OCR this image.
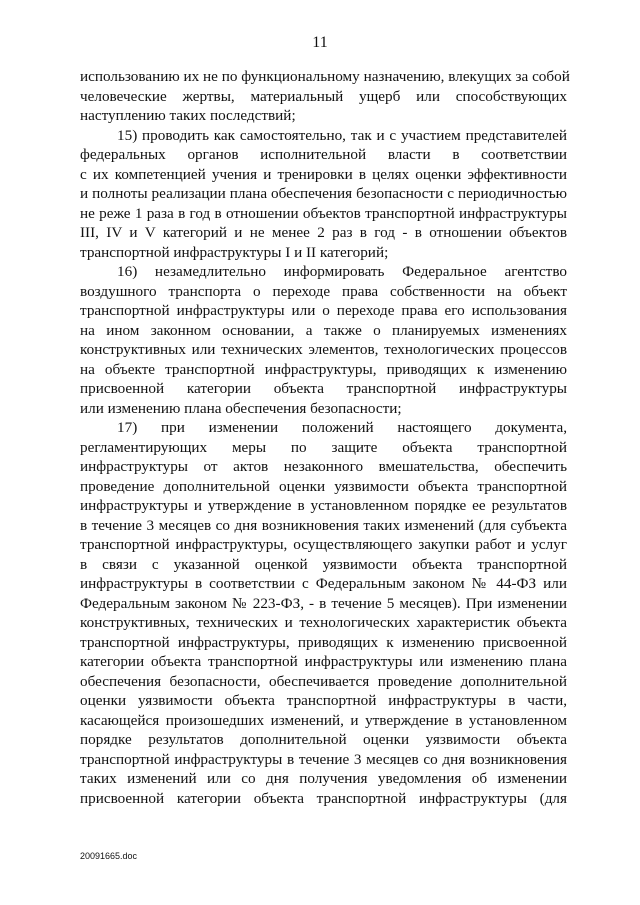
11
использованию их не по функциональному назначению, влекущих за собой
человеческие жертвы, материальный ущерб или способствующих
наступлению таких последствий;
15) проводить как самостоятельно, так и с участием представителей
федеральных органов исполнительной власти в соответствии
с их компетенцией учения и тренировки в целях оценки эффективности
и полноты реализации плана обеспечения безопасности с периодичностью
не реже 1 раза в год в отношении объектов транспортной инфраструктуры
III, IV и V категорий и не менее 2 раз в год - в отношении объектов
транспортной инфраструктуры I и II категорий;
16) незамедлительно информировать Федеральное агентство
воздушного транспорта о переходе права собственности на объект
транспортной инфраструктуры или о переходе права его использования
на ином законном основании, а также о планируемых изменениях
конструктивных или технических элементов, технологических процессов
на объекте транспортной инфраструктуры, приводящих к изменению
присвоенной категории объекта транспортной инфраструктуры
или изменению плана обеспечения безопасности;
17) при изменении положений настоящего документа,
регламентирующих меры по защите объекта транспортной
инфраструктуры от актов незаконного вмешательства, обеспечить
проведение дополнительной оценки уязвимости объекта транспортной
инфраструктуры и утверждение в установленном порядке ее результатов
в течение 3 месяцев со дня возникновения таких изменений (для субъекта
транспортной инфраструктуры, осуществляющего закупки работ и услуг
в связи с указанной оценкой уязвимости объекта транспортной
инфраструктуры в соответствии с Федеральным законом № 44-ФЗ или
Федеральным законом № 223-ФЗ, - в течение 5 месяцев). При изменении
конструктивных, технических и технологических характеристик объекта
транспортной инфраструктуры, приводящих к изменению присвоенной
категории объекта транспортной инфраструктуры или изменению плана
обеспечения безопасности, обеспечивается проведение дополнительной
оценки уязвимости объекта транспортной инфраструктуры в части,
касающейся произошедших изменений, и утверждение в установленном
порядке результатов дополнительной оценки уязвимости объекта
транспортной инфраструктуры в течение 3 месяцев со дня возникновения
таких изменений или со дня получения уведомления об изменении
присвоенной категории объекта транспортной инфраструктуры (для
20091665.doc
